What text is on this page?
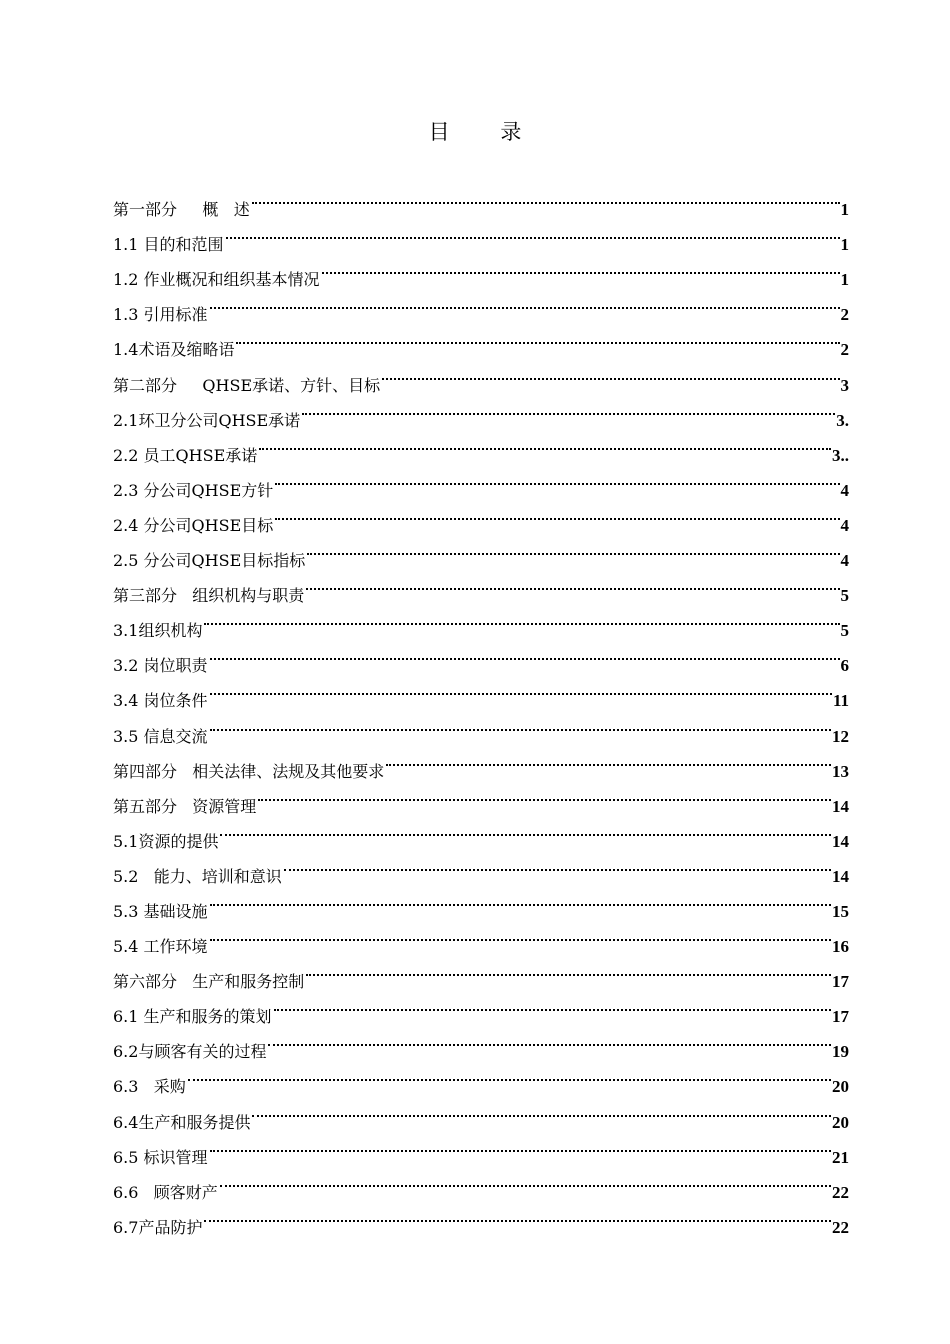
目 录
第一部分     概   述	1
1.1 目的和范围	1
1.2 作业概况和组织基本情况	1
1.3 引用标准	2
1.4术语及缩略语	2
第二部分     QHSE承诺、方针、目标	3
2.1环卫分公司QHSE承诺	3.
2.2 员工QHSE承诺	3..
2.3 分公司QHSE方针	4
2.4 分公司QHSE目标	4
2.5 分公司QHSE目标指标	4
第三部分   组织机构与职责	5
3.1组织机构	5
3.2 岗位职责	6
3.4 岗位条件	11
3.5 信息交流	12
第四部分   相关法律、法规及其他要求	13
第五部分   资源管理	14
5.1资源的提供	14
5.2   能力、培训和意识	14
5.3 基础设施	15
5.4 工作环境	16
第六部分   生产和服务控制	17
6.1 生产和服务的策划	17
6.2与顾客有关的过程	19
6.3   采购	20
6.4生产和服务提供	20
6.5 标识管理	21
6.6   顾客财产	22
6.7产品防护	22
